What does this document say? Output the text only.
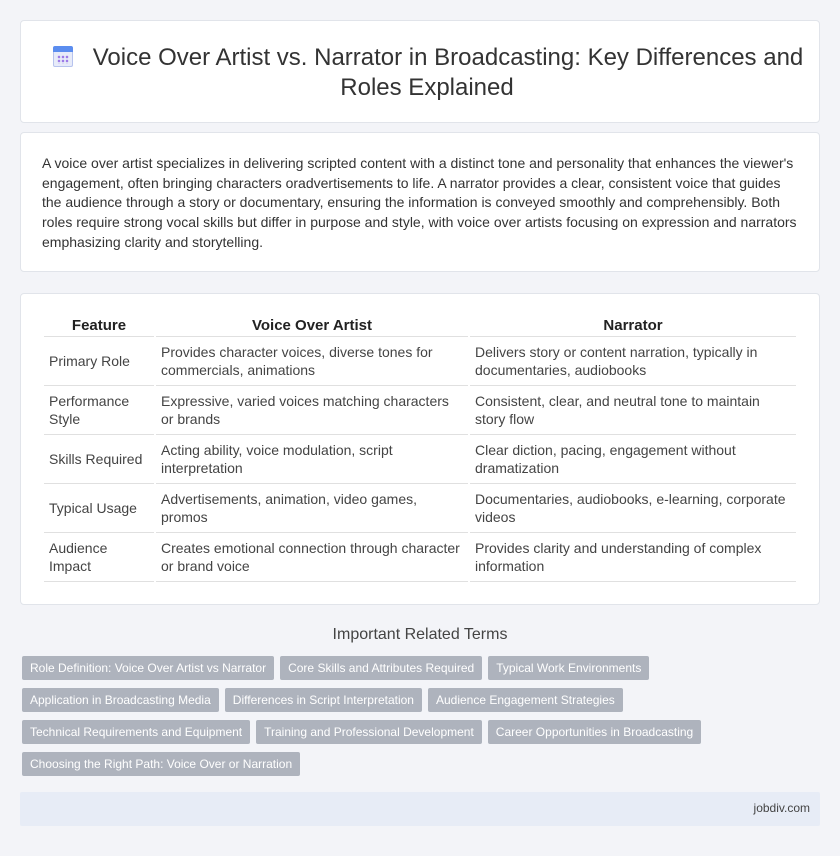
Voice Over Artist vs. Narrator in Broadcasting: Key Differences and Roles Explained

A voice over artist specializes in delivering scripted content with a distinct tone and personality that enhances the viewer's engagement, often bringing characters oradvertisements to life. A narrator provides a clear, consistent voice that guides the audience through a story or documentary, ensuring the information is conveyed smoothly and comprehensibly. Both roles require strong vocal skills but differ in purpose and style, with voice over artists focusing on expression and narrators emphasizing clarity and storytelling.

Feature	Voice Over Artist	Narrator
Primary Role	Provides character voices, diverse tones for commercials, animations	Delivers story or content narration, typically in documentaries, audiobooks
Performance Style	Expressive, varied voices matching characters or brands	Consistent, clear, and neutral tone to maintain story flow
Skills Required	Acting ability, voice modulation, script interpretation	Clear diction, pacing, engagement without dramatization
Typical Usage	Advertisements, animation, video games, promos	Documentaries, audiobooks, e-learning, corporate videos
Audience Impact	Creates emotional connection through character or brand voice	Provides clarity and understanding of complex information
Important Related Terms
Role Definition: Voice Over Artist vs Narrator	Core Skills and Attributes Required	Typical Work Environments
Application in Broadcasting Media	Differences in Script Interpretation	Audience Engagement Strategies
Technical Requirements and Equipment	Training and Professional Development	Career Opportunities in Broadcasting
Choosing the Right Path: Voice Over or Narration
jobdiv.com
